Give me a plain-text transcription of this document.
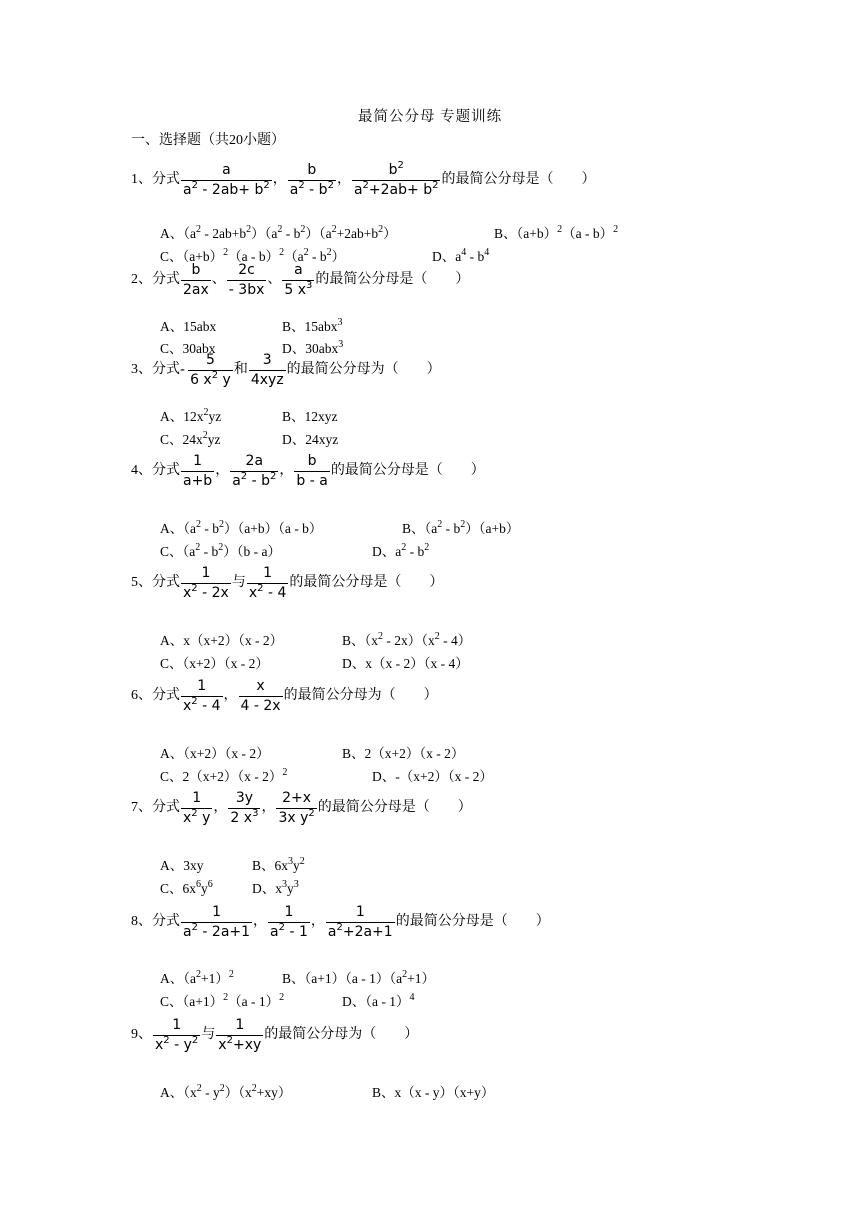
最简公分母 专题训练
一、选择题（共20小题）
1、 分式 $\frac{a}{a^2 - 2ab+ b^2}$ ， $\frac{b}{a^2 - b^2}$ ， $\frac{b^2}{a^2+2ab+ b^2}$ 的最简公分母是（　　）
A、$(a^2 - 2ab+b^2)(a^2 - b^2)(a^2+2ab+b^2)$	B、$(a+b)^2(a - b)^2$
C、$(a+b)^2(a - b)^2(a^2 - b^2)$	D、$a^4 - b^4$
2、 分式 $\frac{b}{2ax}$ 、 $\frac{2c}{- 3bx}$ 、 $\frac{a}{5 x^3}$ 的最简公分母是（　　）
A、15abx	B、15abx$^3$
C、30abx	D、30abx$^3$
3、 分式 - $\frac{5}{6 x^2 y}$ 和 $\frac{3}{\text{4xyz}}$ 的最简公分母为（　　）
A、$12x^2yz$	B、12xyz
C、$24x^2yz$	D、24xyz
4、 分式 $\frac{1}{a+b}$ ， $\frac{2a}{a^2 - b^2}$ ， $\frac{b}{b - a}$ 的最简公分母是（　　）
A、$(a^2 - b^2)(a+b)(a - b)$	B、$(a^2 - b^2)(a+b)$
C、$(a^2 - b^2)(b - a)$	D、$a^2 - b^2$
5、 分式 $\frac{1}{x^2 - 2x}$ 与 $\frac{1}{x^2 - 4}$ 的最简公分母是（　　）
A、x（x+2）（x - 2）	B、$(x^2 - 2x)(x^2 - 4)$
C、（x+2）（x - 2）	D、x（x - 2）（x - 4）
6、 分式 $\frac{1}{x^2 - 4}$ ， $\frac{x}{4 - 2x}$ 的最简公分母为（　　）
A、（x+2）（x - 2）	B、2（x+2）（x - 2）
C、2（x+2）（x - 2）$^2$	D、-（x+2）（x - 2）
7、 分式 $\frac{1}{x^2 y}$ ， $\frac{3y}{2 x^3}$ ， $\frac{2+x}{3x y^2}$ 的最简公分母是（　　）
A、3xy	B、$6x^3y^2$
C、$6x^6y^6$	D、$x^3y^3$
8、 分式 $\frac{1}{a^2 - 2a+1}$ ， $\frac{1}{a^2 - 1}$ ， $\frac{1}{a^2+2a+1}$ 的最简公分母是（　　）
A、$(a^2+1)^2$	B、$(a+1)(a - 1)(a^2+1)$
C、$(a+1)^2(a - 1)^2$	D、（a - 1）$^4$
9、 $\frac{1}{x^2 - y^2}$ 与 $\frac{1}{x^2+xy}$ 的最简公分母为（　　）
A、$(x^2 - y^2)(x^2+xy)$	B、x（x - y）（x+y）
